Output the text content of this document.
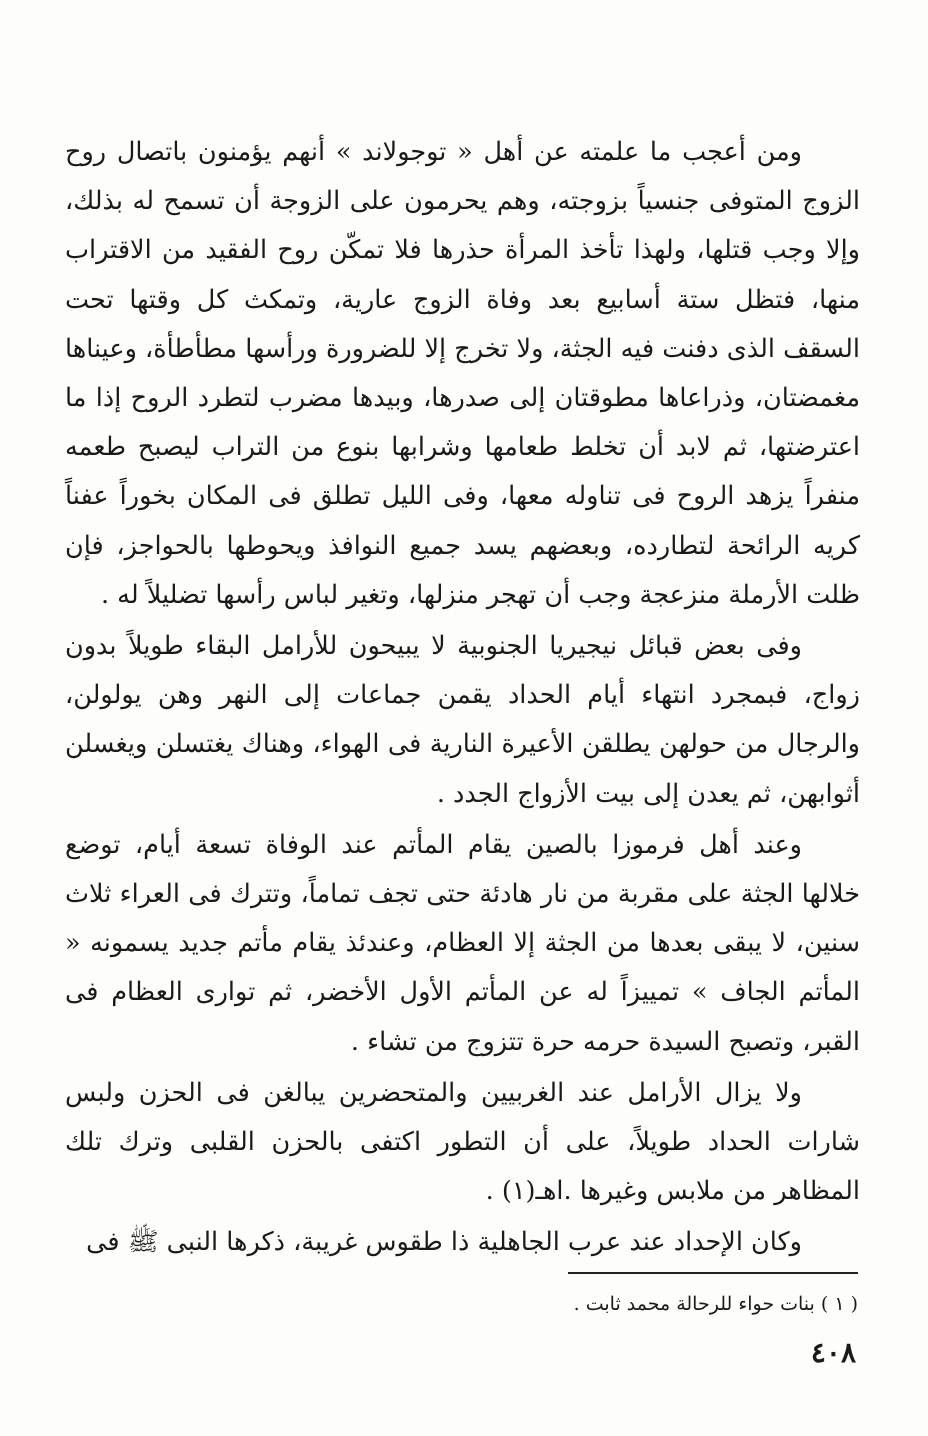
ومن أعجب ما علمته عن أهل « توجولاند » أنهم يؤمنون باتصال روح الزوج المتوفى جنسياً بزوجته، وهم يحرمون على الزوجة أن تسمح له بذلك، وإلا وجب قتلها، ولهذا تأخذ المرأة حذرها فلا تمكّن روح الفقيد من الاقتراب منها، فتظل ستة أسابيع بعد وفاة الزوج عارية، وتمكث كل وقتها تحت السقف الذى دفنت فيه الجثة، ولا تخرج إلا للضرورة ورأسها مطأطأة، وعيناها مغمضتان، وذراعاها مطوقتان إلى صدرها، وبيدها مضرب لتطرد الروح إذا ما اعترضتها، ثم لابد أن تخلط طعامها وشرابها بنوع من التراب ليصبح طعمه منفراً يزهد الروح فى تناوله معها، وفى الليل تطلق فى المكان بخوراً عفناً كريه الرائحة لتطارده، وبعضهم يسد جميع النوافذ ويحوطها بالحواجز، فإن ظلت الأرملة منزعجة وجب أن تهجر منزلها، وتغير لباس رأسها تضليلاً له .

وفى بعض قبائل نيجيريا الجنوبية لا يبيحون للأرامل البقاء طويلاً بدون زواج، فبمجرد انتهاء أيام الحداد يقمن جماعات إلى النهر وهن يولولن، والرجال من حولهن يطلقن الأعيرة النارية فى الهواء، وهناك يغتسلن ويغسلن أثوابهن، ثم يعدن إلى بيت الأزواج الجدد .

وعند أهل فرموزا بالصين يقام المأتم عند الوفاة تسعة أيام، توضع خلالها الجثة على مقربة من نار هادئة حتى تجف تماماً، وتترك فى العراء ثلاث سنين، لا يبقى بعدها من الجثة إلا العظام، وعندئذ يقام مأتم جديد يسمونه « المأتم الجاف » تمييزاً له عن المأتم الأول الأخضر، ثم توارى العظام فى القبر، وتصبح السيدة حرمه حرة تتزوج من تشاء .

ولا يزال الأرامل عند الغربيين والمتحضرين يبالغن فى الحزن ولبس شارات الحداد طويلاً، على أن التطور اكتفى بالحزن القلبى وترك تلك المظاهر من ملابس وغيرها .اهـ(١) .

وكان الإحداد عند عرب الجاهلية ذا طقوس غريبة، ذكرها النبى ﷺ فى

( ١ ) بنات حواء للرحالة محمد ثابت .
٤٠٨
